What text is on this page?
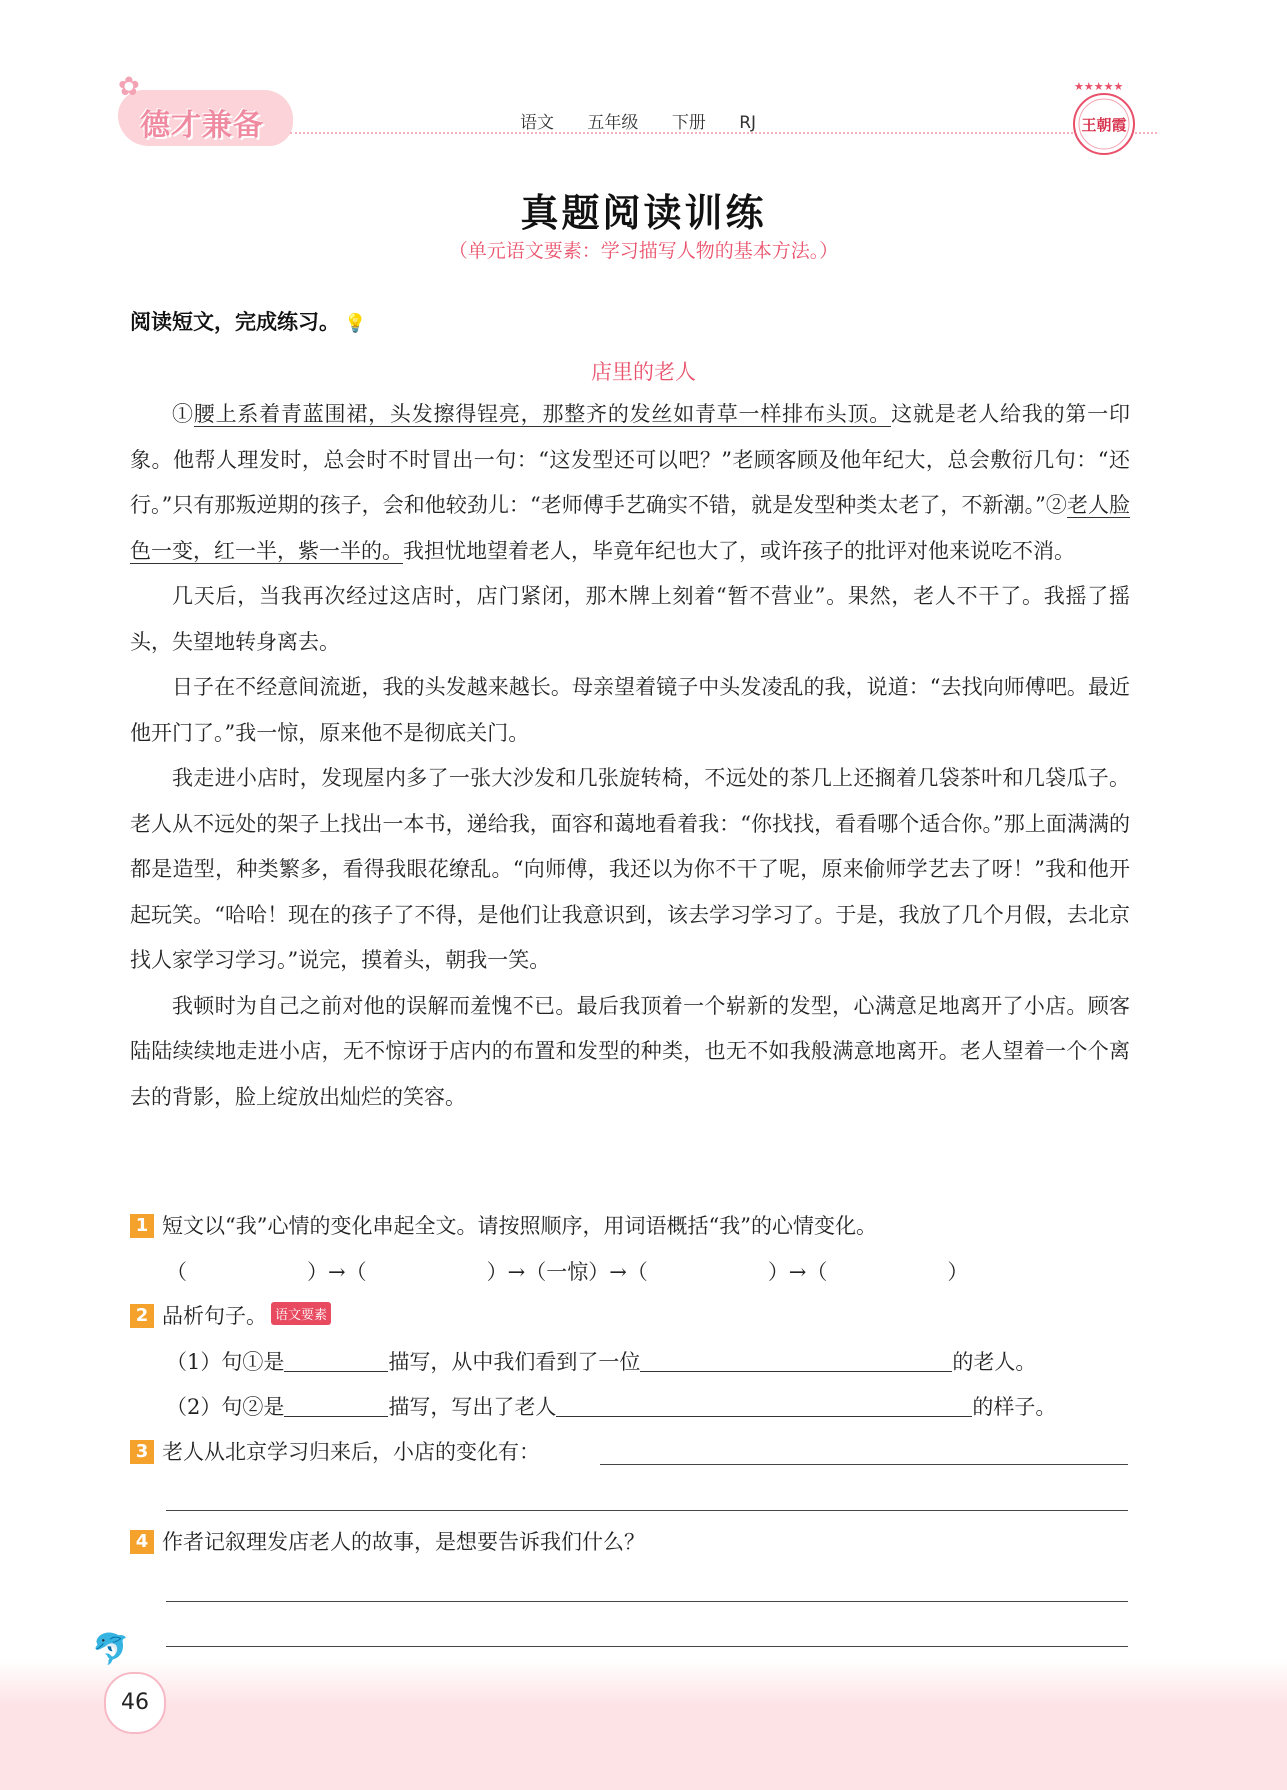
✿
德才兼备	语文 五年级 下册 RJ
★★★★★
王朝霞
真题阅读训练
（单元语文要素：学习描写人物的基本方法。）
阅读短文，完成练习。 💡
店里的老人

①腰上系着青蓝围裙，头发擦得锃亮，那整齐的发丝如青草一样排布头顶。这就是老人给我的第一印象。他帮人理发时，总会时不时冒出一句：“这发型还可以吧？”老顾客顾及他年纪大，总会敷衍几句：“还行。”只有那叛逆期的孩子，会和他较劲儿：“老师傅手艺确实不错，就是发型种类太老了，不新潮。”②老人脸色一变，红一半，紫一半的。我担忧地望着老人，毕竟年纪也大了，或许孩子的批评对他来说吃不消。

几天后，当我再次经过这店时，店门紧闭，那木牌上刻着“暂不营业”。果然，老人不干了。我摇了摇头，失望地转身离去。

日子在不经意间流逝，我的头发越来越长。母亲望着镜子中头发凌乱的我，说道：“去找向师傅吧。最近他开门了。”我一惊，原来他不是彻底关门。

我走进小店时，发现屋内多了一张大沙发和几张旋转椅，不远处的茶几上还搁着几袋茶叶和几袋瓜子。老人从不远处的架子上找出一本书，递给我，面容和蔼地看着我：“你找找，看看哪个适合你。”那上面满满的都是造型，种类繁多，看得我眼花缭乱。“向师傅，我还以为你不干了呢，原来偷师学艺去了呀！”我和他开起玩笑。“哈哈！现在的孩子了不得，是他们让我意识到，该去学习学习了。于是，我放了几个月假，去北京找人家学习学习。”说完，摸着头，朝我一笑。

我顿时为自己之前对他的误解而羞愧不已。最后我顶着一个崭新的发型，心满意足地离开了小店。顾客陆陆续续地走进小店，无不惊讶于店内的布置和发型的种类，也无不如我般满意地离开。老人望着一个个离去的背影，脸上绽放出灿烂的笑容。

1 短文以“我”心情的变化串起全文。请按照顺序，用词语概括“我”的心情变化。
（	）→（	）→（一惊）→（	）→（	）
2 品析句子。 语文要素
（1）句①是	描写，从中我们看到了一位	的老人。
（2）句②是	描写，写出了老人	的样子。
3 老人从北京学习归来后，小店的变化有：
4 作者记叙理发店老人的故事，是想要告诉我们什么？
🐬
46
